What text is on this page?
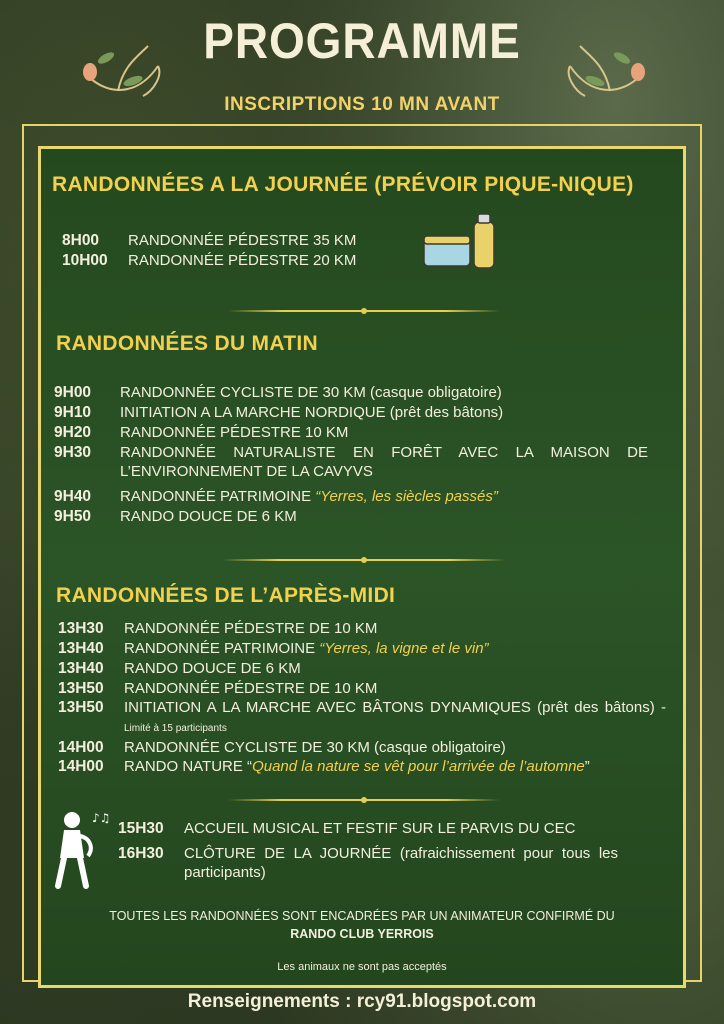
PROGRAMME
INSCRIPTIONS 10 MN AVANT
RANDONNÉES A LA JOURNÉE (PRÉVOIR PIQUE-NIQUE)
8H00	RANDONNÉE PÉDESTRE 35 KM
10H00	RANDONNÉE PÉDESTRE 20 KM
RANDONNÉES DU MATIN
9H00	RANDONNÉE CYCLISTE DE 30 KM (casque obligatoire)
9H10	INITIATION A LA MARCHE NORDIQUE (prêt des bâtons)
9H20	RANDONNÉE PÉDESTRE 10 KM
9H30	RANDONNÉE NATURALISTE EN FORÊT AVEC LA MAISON DE L’ENVIRONNEMENT DE LA CAVYVS
9H40	RANDONNÉE PATRIMOINE “Yerres, les siècles passés”
9H50	RANDO DOUCE DE 6 KM
RANDONNÉES DE L’APRÈS-MIDI
13H30	RANDONNÉE PÉDESTRE DE 10 KM
13H40	RANDONNÉE PATRIMOINE “Yerres, la vigne et le vin”
13H40	RANDO DOUCE DE 6 KM
13H50	RANDONNÉE PÉDESTRE DE 10 KM
13H50	INITIATION A LA MARCHE AVEC BÂTONS DYNAMIQUES (prêt des bâtons) - Limité à 15 participants
14H00	RANDONNÉE CYCLISTE DE 30 KM (casque obligatoire)
14H00	RANDO NATURE “Quand la nature se vêt pour l’arrivée de l’automne”
♪♫
15H30	ACCUEIL MUSICAL ET FESTIF SUR LE PARVIS DU CEC
16H30	CLÔTURE DE LA JOURNÉE (rafraichissement pour tous les participants)
TOUTES LES RANDONNÉES SONT ENCADRÉES PAR UN ANIMATEUR CONFIRMÉ DU
RANDO CLUB YERROIS
Les animaux ne sont pas acceptés
Renseignements : rcy91.blogspot.com
